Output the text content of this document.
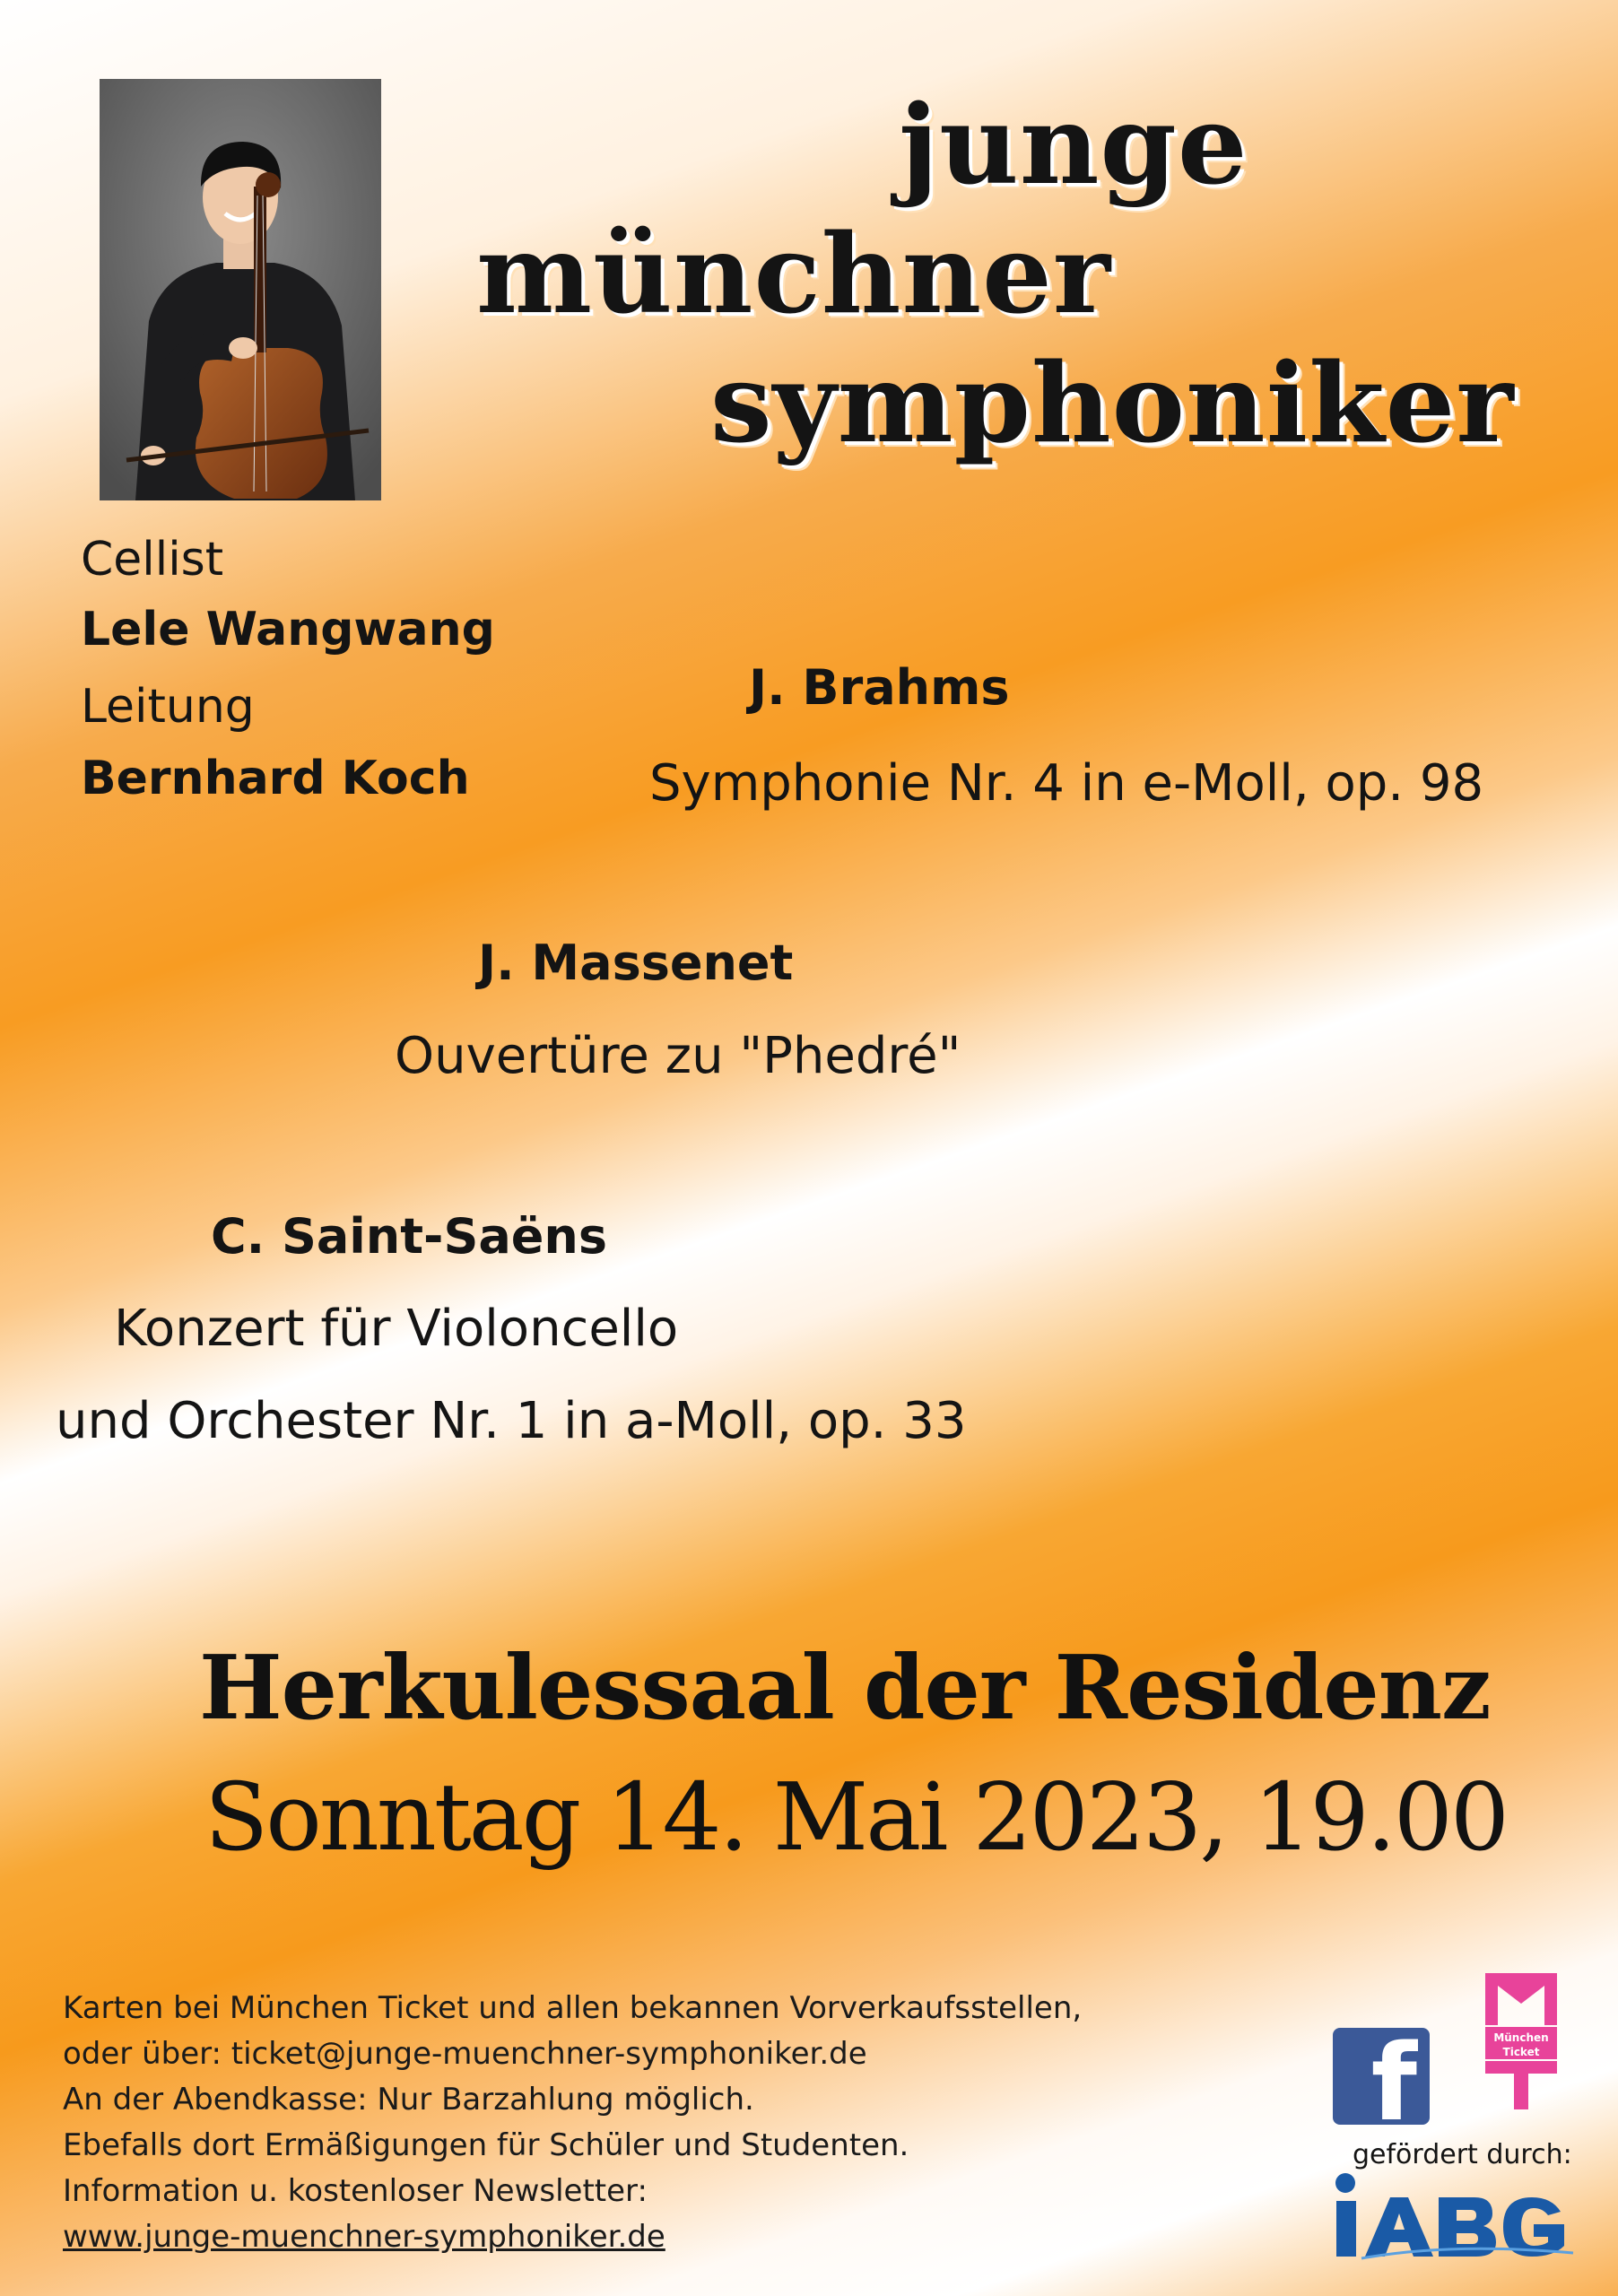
junge
münchner
symphoniker
Cellist
Lele Wangwang
Leitung
Bernhard Koch
J. Brahms
Symphonie Nr. 4 in e-Moll, op. 98
J. Massenet
Ouvertüre zu "Phedré"
C. Saint-Saëns
Konzert für Violoncello
und Orchester Nr. 1 in a-Moll, op. 33
Herkulessaal der Residenz
Sonntag 14. Mai 2023, 19.00
Karten bei München Ticket und allen bekannen Vorverkaufsstellen,
oder über: ticket@junge-muenchner-symphoniker.de
An der Abendkasse: Nur Barzahlung möglich.
Ebefalls dort Ermäßigungen für Schüler und Studenten.
Information u. kostenloser Newsletter:
www.junge-muenchner-symphoniker.de
f	München
Ticket
gefördert durch:
